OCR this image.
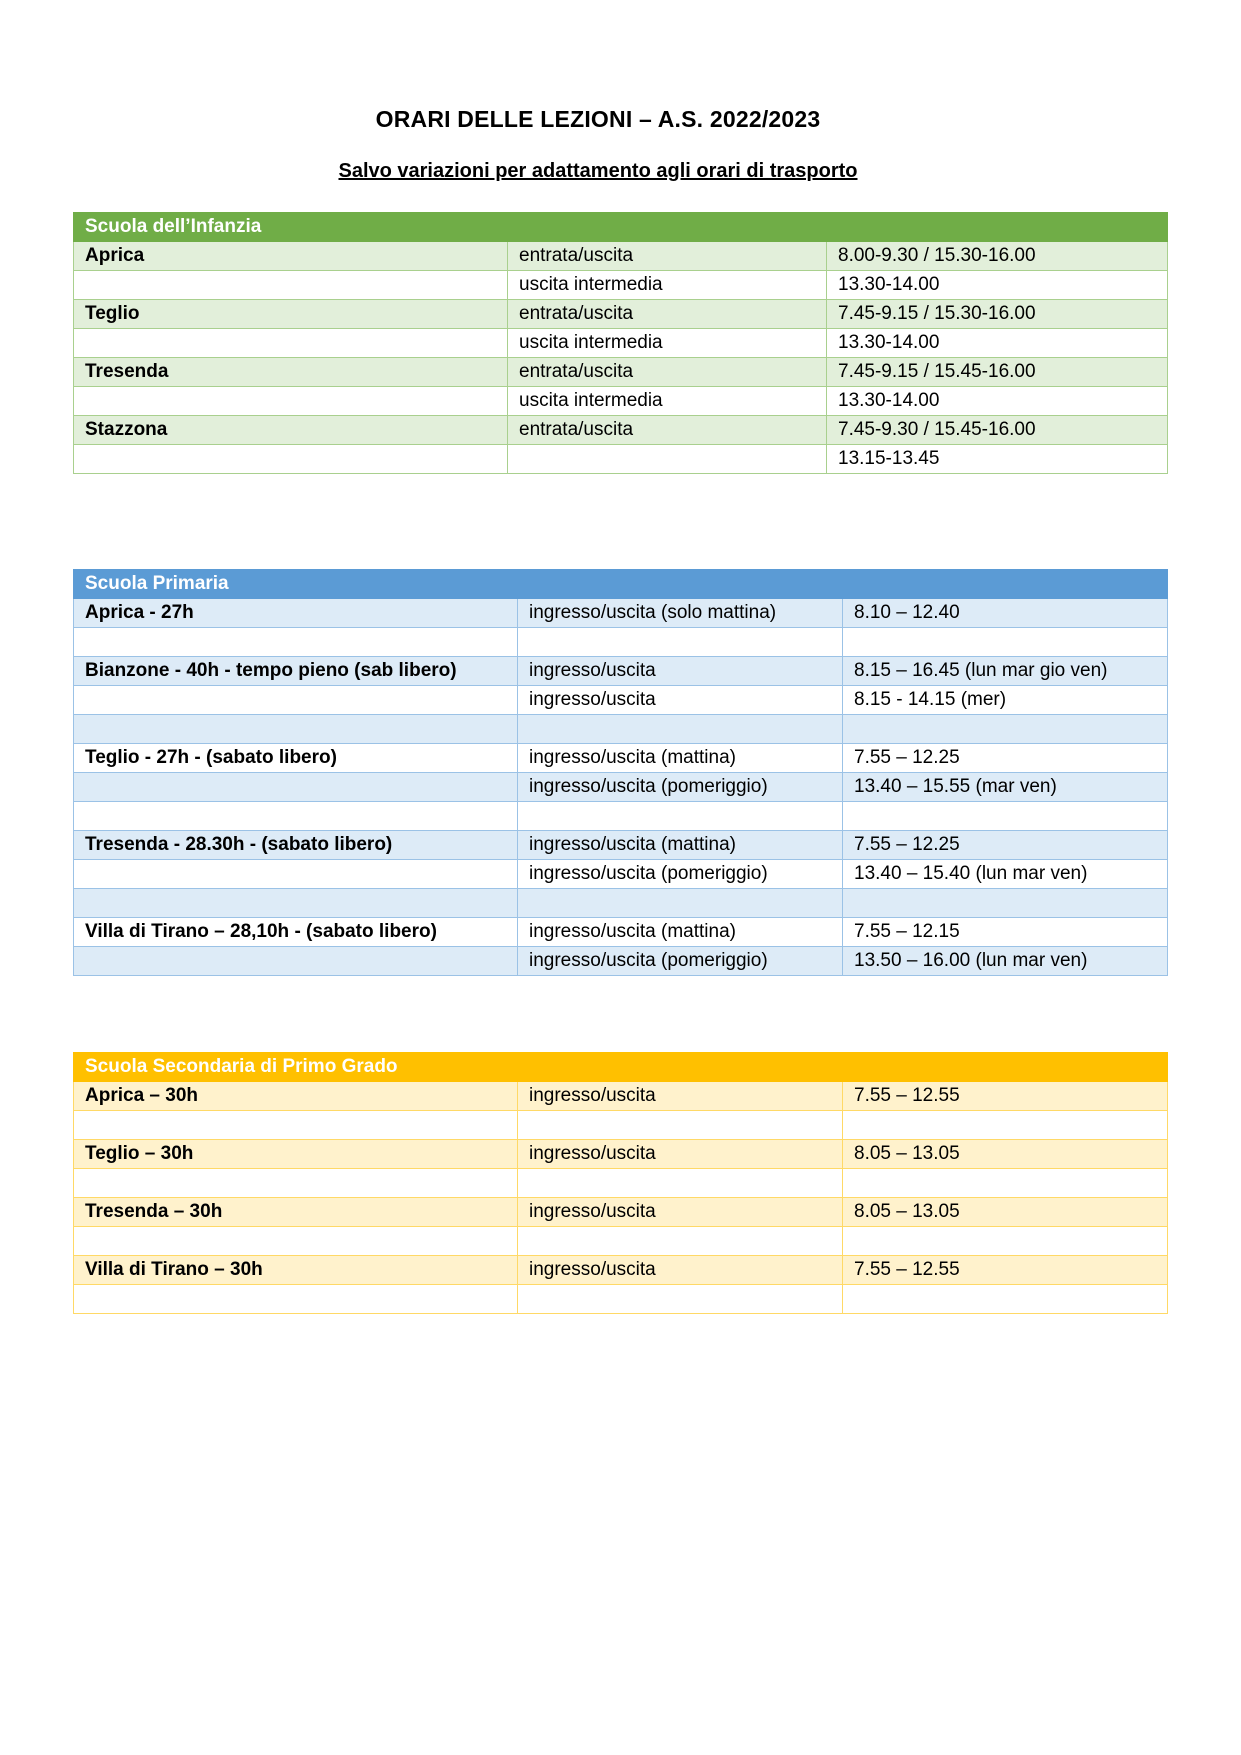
ORARI DELLE LEZIONI – A.S. 2022/2023
Salvo variazioni per adattamento agli orari di trasporto
Scuola dell’Infanzia		
Aprica	entrata/uscita	8.00-9.30 / 15.30-16.00
	uscita intermedia	13.30-14.00
Teglio	entrata/uscita	7.45-9.15 / 15.30-16.00
	uscita intermedia	13.30-14.00
Tresenda	entrata/uscita	7.45-9.15 / 15.45-16.00
	uscita intermedia	13.30-14.00
Stazzona	entrata/uscita	7.45-9.30 / 15.45-16.00
		13.15-13.45
Scuola Primaria		
Aprica - 27h	ingresso/uscita (solo mattina)	8.10 – 12.40

Bianzone - 40h - tempo pieno (sab libero)	ingresso/uscita	8.15 – 16.45 (lun mar gio ven)
	ingresso/uscita	8.15 - 14.15 (mer)

Teglio - 27h - (sabato libero)	ingresso/uscita (mattina)	7.55 – 12.25
	ingresso/uscita (pomeriggio)	13.40 – 15.55 (mar ven)

Tresenda - 28.30h - (sabato libero)	ingresso/uscita (mattina)	7.55 – 12.25
	ingresso/uscita (pomeriggio)	13.40 – 15.40 (lun mar ven)

Villa di Tirano – 28,10h - (sabato libero)	ingresso/uscita (mattina)	7.55 – 12.15
	ingresso/uscita (pomeriggio)	13.50 – 16.00 (lun mar ven)
Scuola Secondaria di Primo Grado		
Aprica – 30h	ingresso/uscita	7.55 – 12.55

Teglio – 30h	ingresso/uscita	8.05 – 13.05

Tresenda – 30h	ingresso/uscita	8.05 – 13.05

Villa di Tirano – 30h	ingresso/uscita	7.55 – 12.55
